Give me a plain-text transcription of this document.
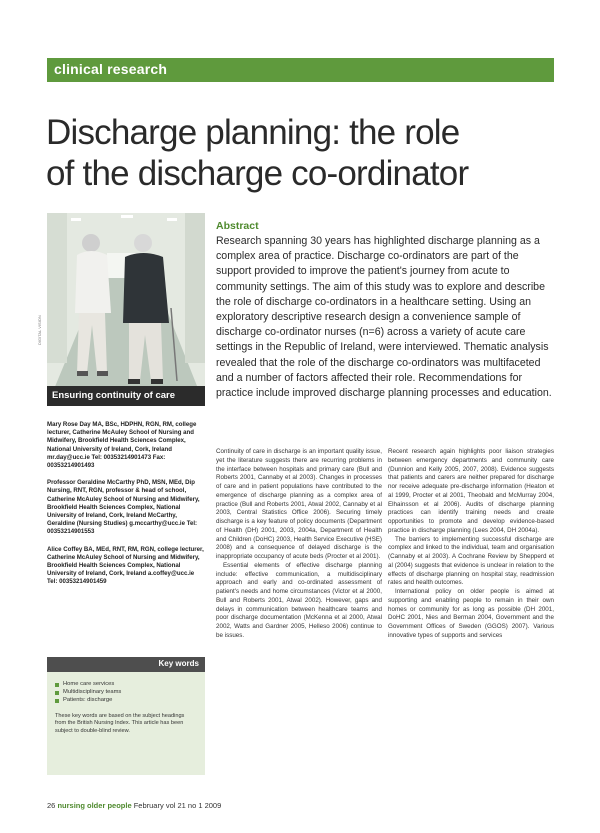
clinical research
Discharge planning: the role
of the discharge co-ordinator
Ensuring continuity of care
DIGITAL VISION
Abstract

Research spanning 30 years has highlighted discharge planning as a complex area of practice. Discharge co-ordinators are part of the support provided to improve the patient's journey from acute to community settings. The aim of this study was to explore and describe the role of discharge co-ordinators in a healthcare setting. Using an exploratory descriptive research design a convenience sample of discharge co-ordinator nurses (n=6) across a variety of acute care settings in the Republic of Ireland, were interviewed. Thematic analysis revealed that the role of the discharge co-ordinators was multifaceted and a number of factors affected their role. Recommendations for practice include improved discharge planning processes and education.

Mary Rose Day MA, BSc, HDPHN, RGN, RM, college lecturer, Catherine McAuley School of Nursing and Midwifery, Brookfield Health Sciences Complex, National University of Ireland, Cork, Ireland mr.day@ucc.ie Tel: 00353214901473 Fax: 00353214901493

Professor Geraldine McCarthy PhD, MSN, MEd, Dip Nursing, RNT, RGN, professor & head of school, Catherine McAuley School of Nursing and Midwifery, Brookfield Health Sciences Complex, National University of Ireland, Cork, Ireland McCarthy, Geraldine (Nursing Studies) g.mccarthy@ucc.ie Tel: 00353214901553

Alice Coffey BA, MEd, RNT, RM, RGN, college lecturer, Catherine McAuley School of Nursing and Midwifery, Brookfield Health Sciences Complex, National University of Ireland, Cork, Ireland a.coffey@ucc.ie Tel: 00353214901459

Key words
Home care services
Multidisciplinary teams
Patients: discharge
These key words are based on the subject headings from the British Nursing Index. This article has been subject to double-blind review.

Continuity of care in discharge is an important quality issue, yet the literature suggests there are recurring problems in the interface between hospitals and primary care (Bull and Roberts 2001, Cannaby et al 2003). Changes in processes of care and in patient populations have contributed to the emergence of discharge planning as a complex area of practice (Bull and Roberts 2001, Atwal 2002, Cannaby et al 2003, Central Statistics Office 2006). Securing timely discharge is a key feature of policy documents (Department of Health (DH) 2001, 2003, 2004a, Department of Health and Children (DoHC) 2003, Health Service Executive (HSE) 2008) and a consequence of delayed discharge is the inappropriate occupancy of acute beds (Procter et al 2001).

Essential elements of effective discharge planning include: effective communication, a multidisciplinary approach and early and co-ordinated assessment of patient's needs and home circumstances (Victor et al 2000, Bull and Roberts 2001, Atwal 2002). However, gaps and delays in communication between healthcare teams and poor discharge documentation (McKenna et al 2000, Atwal 2002, Watts and Gardner 2005, Helleso 2006) continue to be issues.

Recent research again highlights poor liaison strategies between emergency departments and community care (Dunnion and Kelly 2005, 2007, 2008). Evidence suggests that patients and carers are neither prepared for discharge nor receive adequate pre-discharge information (Heaton et al 1999, Procter et al 2001, Theobald and McMurray 2004, Elhainsson et al 2006). Audits of discharge planning practices can identify training needs and create opportunities to promote and develop evidence-based practice in discharge planning (Lees 2004, DH 2004a).

The barriers to implementing successful discharge are complex and linked to the individual, team and organisation (Cannaby et al 2003). A Cochrane Review by Shepperd et al (2004) suggests that evidence is unclear in relation to the effects of discharge planning on hospital stay, readmission rates and health outcomes.

International policy on older people is aimed at supporting and enabling people to remain in their own homes or community for as long as possible (DH 2001, DoHC 2001, Nies and Berman 2004, Government and the Government Offices of Sweden (GGOS) 2007). Various innovative types of supports and services

26 nursing older people February vol 21 no 1 2009
